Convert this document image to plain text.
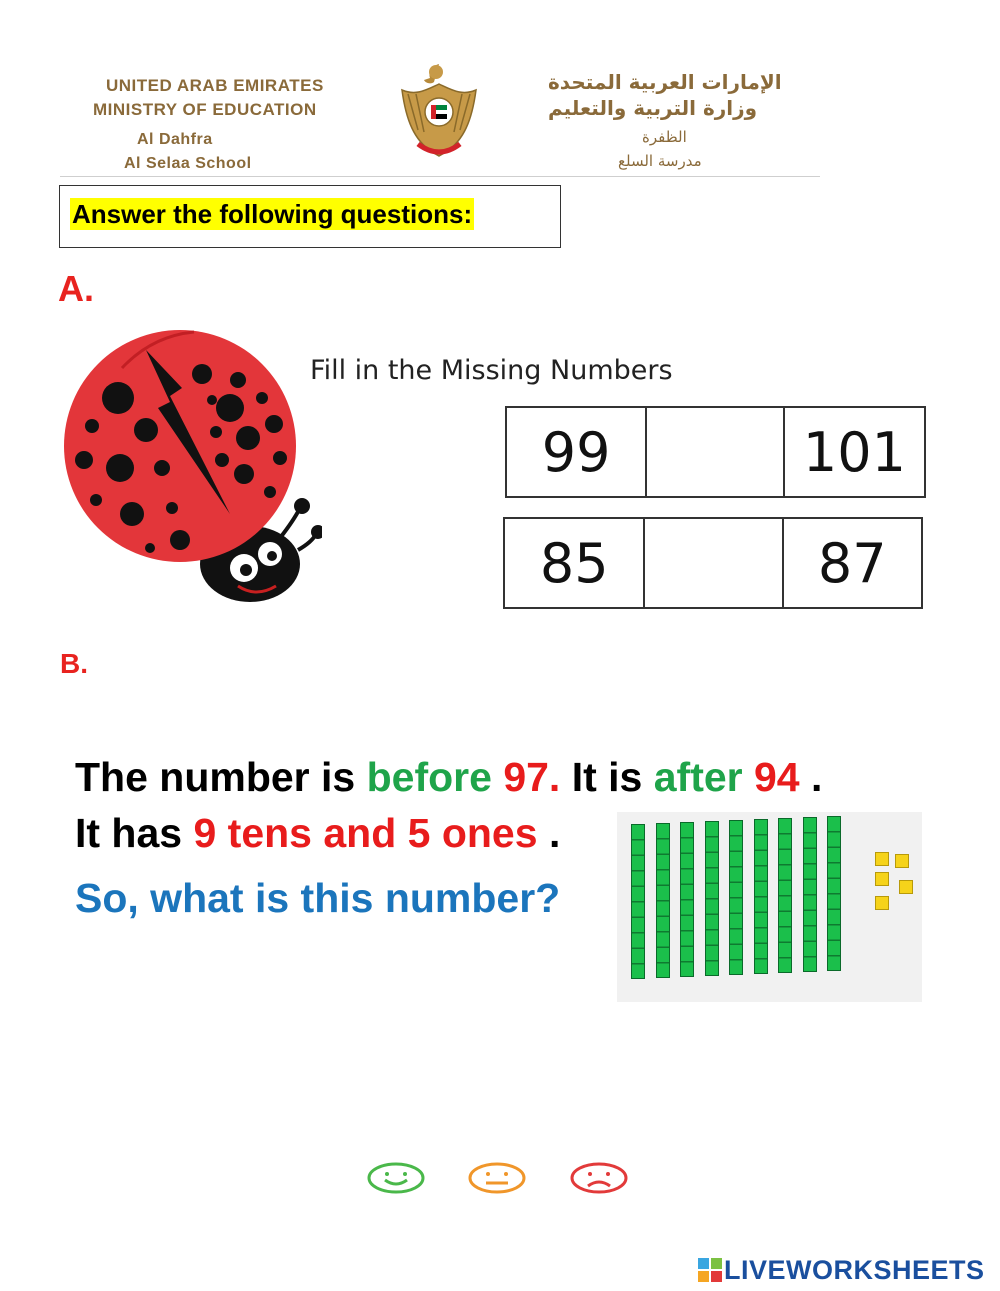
UNITED ARAB EMIRATES
MINISTRY OF EDUCATION
Al Dahfra
Al Selaa School
الإمارات العربية المتحدة
وزارة التربية والتعليم
الظفرة
مدرسة السلع
Answer the following questions:
A.
Fill in the Missing Numbers
99		101
85		87
B.
The number is before 97. It is after 94 .
It has 9 tens and 5 ones .
So, what is this number?
LIVEWORKSHEETS
